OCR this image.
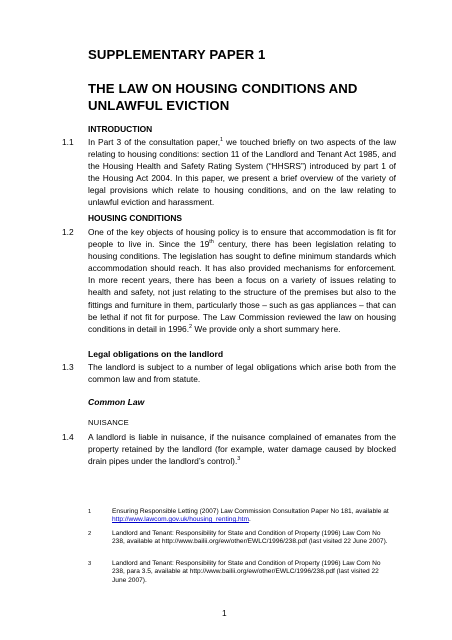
SUPPLEMENTARY PAPER 1
THE LAW ON HOUSING CONDITIONS AND
UNLAWFUL EVICTION
INTRODUCTION
1.1 In Part 3 of the consultation paper,$^1$ we touched briefly on two aspects of the law relating to housing conditions: section 11 of the Landlord and Tenant Act 1985, and the Housing Health and Safety Rating System (“HHSRS”) introduced by part 1 of the Housing Act 2004. In this paper, we present a brief overview of the variety of legal provisions which relate to housing conditions, and on the law relating to unlawful eviction and harassment.
HOUSING CONDITIONS
1.2 One of the key objects of housing policy is to ensure that accommodation is fit for people to live in. Since the 19th century, there has been legislation relating to housing conditions. The legislation has sought to define minimum standards which accommodation should reach. It has also provided mechanisms for enforcement. In more recent years, there has been a focus on a variety of issues relating to health and safety, not just relating to the structure of the premises but also to the fittings and furniture in them, particularly those – such as gas appliances – that can be lethal if not fit for purpose. The Law Commission reviewed the law on housing conditions in detail in 1996.$^2$ We provide only a short summary here.
Legal obligations on the landlord
1.3 The landlord is subject to a number of legal obligations which arise both from the common law and from statute.
Common Law
NUISANCE
1.4 A landlord is liable in nuisance, if the nuisance complained of emanates from the property retained by the landlord (for example, water damage caused by blocked drain pipes under the landlord’s control).$^3$
1	Ensuring Responsible Letting (2007) Law Commission Consultation Paper No 181, available at http://www.lawcom.gov.uk/housing_renting.htm.
2	Landlord and Tenant: Responsibility for State and Condition of Property (1996) Law Com No 238, available at http://www.bailii.org/ew/other/EWLC/1996/238.pdf (last visited 22 June 2007).
3	Landlord and Tenant: Responsibility for State and Condition of Property (1996) Law Com No 238, para 3.5, available at http://www.bailii.org/ew/other/EWLC/1996/238.pdf (last visited 22 June 2007).
1
